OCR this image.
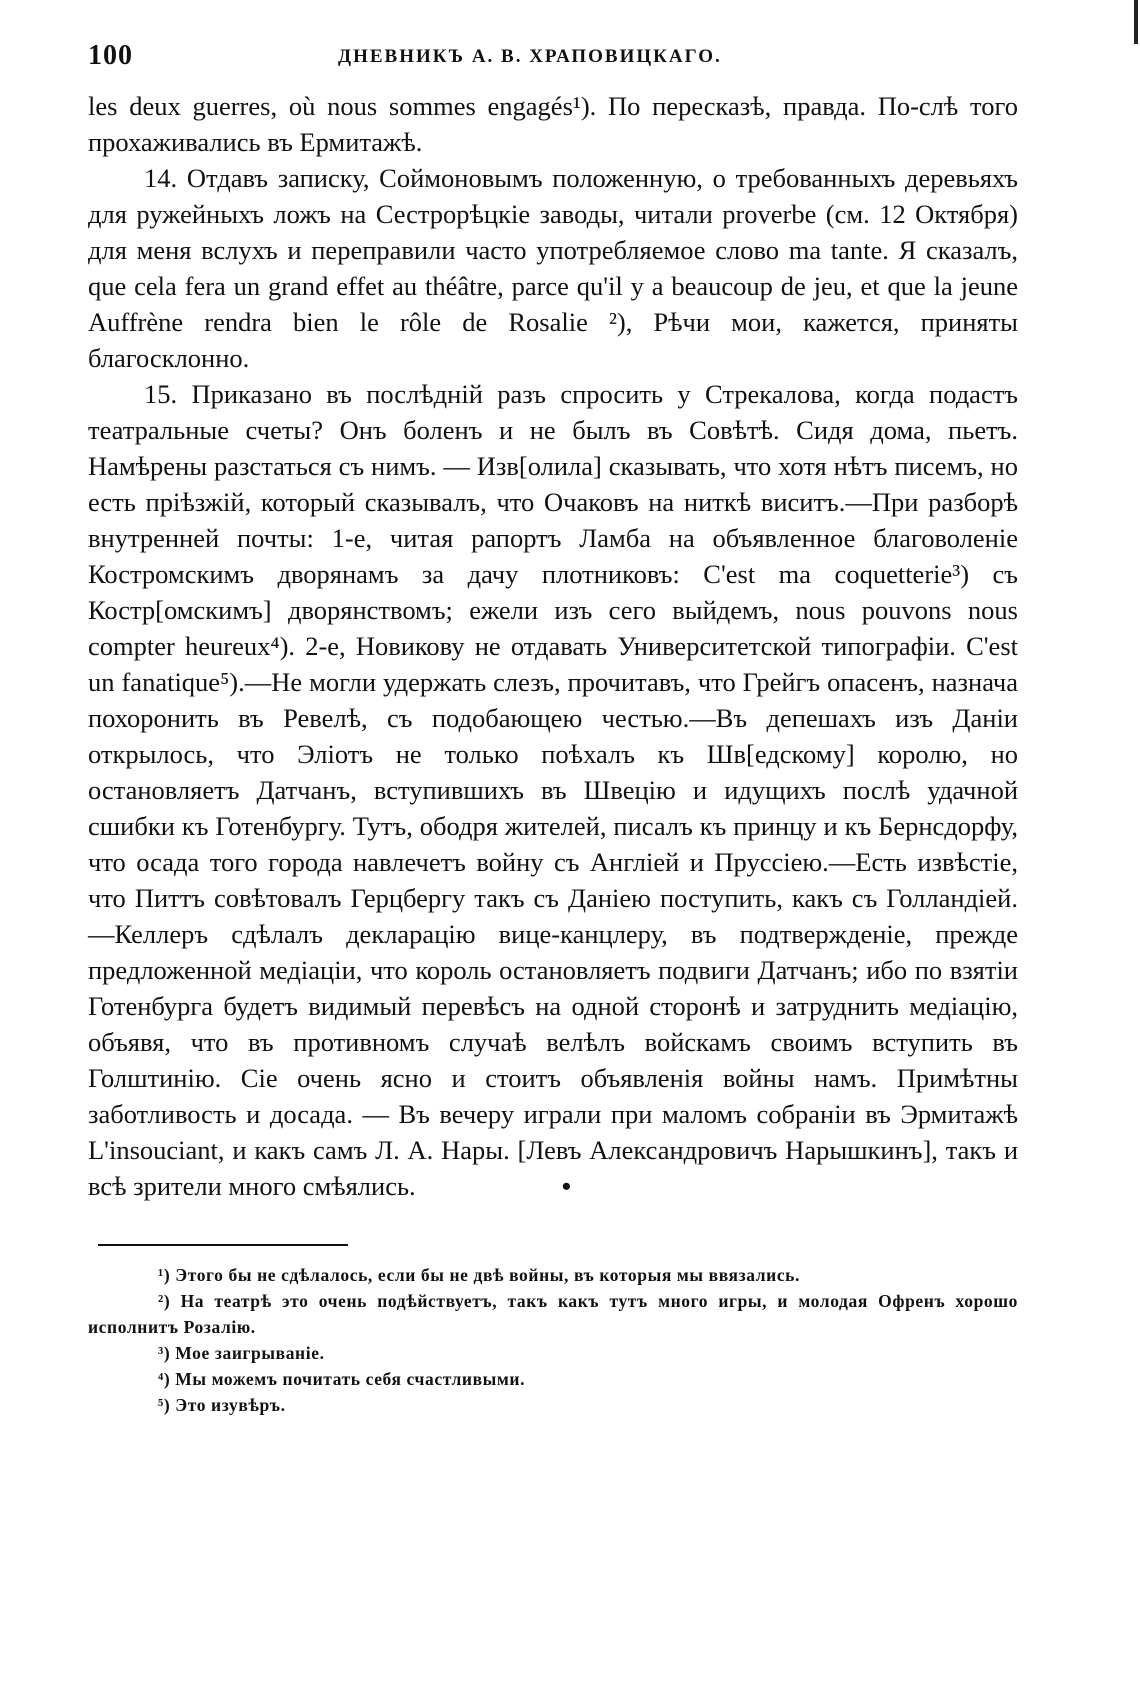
100	ДНЕВНИКЪ А. В. ХРАПОВИЦКАГО.

les deux guerres, où nous sommes engagés¹). По пересказѣ, правда. По-слѣ того прохаживались въ Ермитажѣ.

14. Отдавъ записку, Соймоновымъ положенную, о требованныхъ деревьяхъ для ружейныхъ ложъ на Сестрорѣцкіе заводы, читали proverbe (см. 12 Октября) для меня вслухъ и переправили часто употребляемое слово ma tante. Я сказалъ, que cela fera un grand effet au théâtre, parce qu'il y a beaucoup de jeu, et que la jeune Auffrène rendra bien le rôle de Rosalie ²), Рѣчи мои, кажется, приняты благосклонно.

15. Приказано въ послѣдній разъ спросить у Стрекалова, когда подастъ театральные счеты? Онъ боленъ и не былъ въ Совѣтѣ. Сидя дома, пьетъ. Намѣрены разстаться съ нимъ. — Изв[олила] сказывать, что хотя нѣтъ писемъ, но есть пріѣзжій, который сказывалъ, что Очаковъ на ниткѣ виситъ.—При разборѣ внутренней почты: 1-е, читая рапортъ Ламба на объявленное благоволеніе Костромскимъ дворянамъ за дачу плотниковъ: C'est ma coquetterie³) съ Костр[омскимъ] дворянствомъ; ежели изъ сего выйдемъ, nous pouvons nous compter heureux⁴). 2-е, Новикову не отдавать Университетской типографіи. C'est un fanatique⁵).—Не могли удержать слезъ, прочитавъ, что Грейгъ опасенъ, назнача похоронить въ Ревелѣ, съ подобающею честью.—Въ депешахъ изъ Даніи открылось, что Эліотъ не только поѣхалъ къ Шв[едскому] королю, но остановляетъ Датчанъ, вступившихъ въ Швецію и идущихъ послѣ удачной сшибки къ Готенбургу. Тутъ, ободря жителей, писалъ къ принцу и къ Бернсдорфу, что осада того города навлечетъ войну съ Англіей и Пруссіею.—Есть извѣстіе, что Питтъ совѣтовалъ Герцбергу такъ съ Даніею поступить, какъ съ Голландіей.—Келлеръ сдѣлалъ декларацію вице-канцлеру, въ подтвержденіе, прежде предложенной медіаціи, что король остановляетъ подвиги Датчанъ; ибо по взятіи Готенбурга будетъ видимый перевѣсъ на одной сторонѣ и затруднить медіацію, объявя, что въ противномъ случаѣ велѣлъ войскамъ своимъ вступить въ Голштинію. Сіе очень ясно и стоитъ объявленія войны намъ. Примѣтны заботливость и досада. — Въ вечеру играли при маломъ собраніи въ Эрмитажѣ L'insouciant, и какъ самъ Л. А. Нары. [Левъ Александровичъ Нарышкинъ], такъ и всѣ зрители много смѣялись.	•

¹) Этого бы не сдѣлалось, если бы не двѣ войны, въ которыя мы ввязались.

²) На театрѣ это очень подѣйствуетъ, такъ какъ тутъ много игры, и молодая Офренъ хорошо исполнитъ Розалію.

³) Мое заигрываніе.

⁴) Мы можемъ почитать себя счастливыми.

⁵) Это изувѣръ.
